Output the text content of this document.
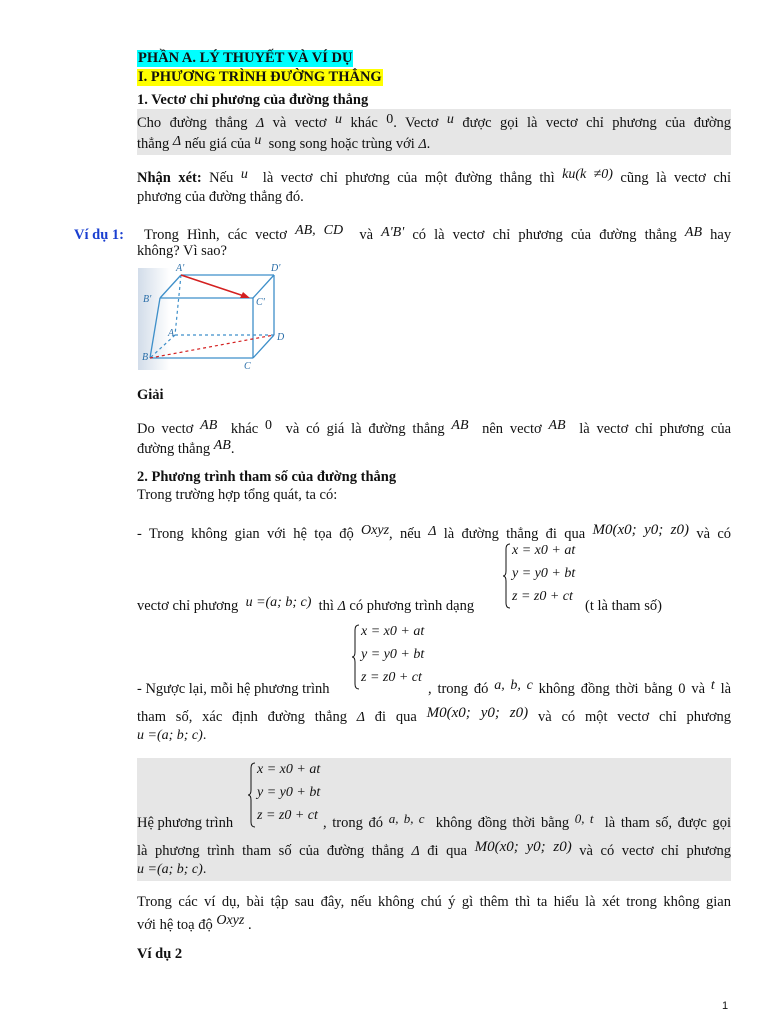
PHẦN A. LÝ THUYẾT VÀ VÍ DỤ
I. PHƯƠNG TRÌNH ĐƯỜNG THẲNG
1. Vectơ chỉ phương của đường thẳng
Cho đường thẳng Δ và vectơ u khác 0. Vectơ u được gọi là vectơ chỉ phương của đường
thẳng Δ nếu giá của u song song hoặc trùng với Δ.
Nhận xét: Nếu u là vectơ chỉ phương của một đường thẳng thì ku(k ≠0) cũng là vectơ chỉ
phương của đường thẳng đó.
Ví dụ 1: Trong Hình, các vectơ AB, CD và A'B' có là vectơ chỉ phương của đường thẳng AB hay
không? Vì sao?
A'	D'
B'	C'
A	D
B
C
Giải
Do vectơ AB khác 0 và có giá là đường thẳng AB nên vectơ AB là vectơ chỉ phương của
đường thẳng AB.
2. Phương trình tham số của đường thẳng
Trong trường hợp tổng quát, ta có:
- Trong không gian với hệ tọa độ Oxyz, nếu Δ là đường thẳng đi qua M0(x0; y0; z0) và có
x = x0 + at
y = y0 + bt
z = z0 + ct
vectơ chỉ phương u =(a; b; c) thì Δ có phương trình dạng	(t là tham số)
x = x0 + at
y = y0 + bt
z = z0 + ct
- Ngược lại, mỗi hệ phương trình	, trong đó a, b, c không đồng thời bằng 0 và t là
tham số, xác định đường thẳng Δ đi qua M0(x0; y0; z0) và có một vectơ chỉ phương
u =(a; b; c).
x = x0 + at
y = y0 + bt
z = z0 + ct
Hệ phương trình	, trong đó a, b, c không đồng thời bằng 0, t là tham số, được gọi
là phương trình tham số của đường thẳng Δ đi qua M0(x0; y0; z0) và có vectơ chỉ phương
u =(a; b; c).
Trong các ví dụ, bài tập sau đây, nếu không chú ý gì thêm thì ta hiểu là xét trong không gian
với hệ toạ độ Oxyz .
Ví dụ 2
1
